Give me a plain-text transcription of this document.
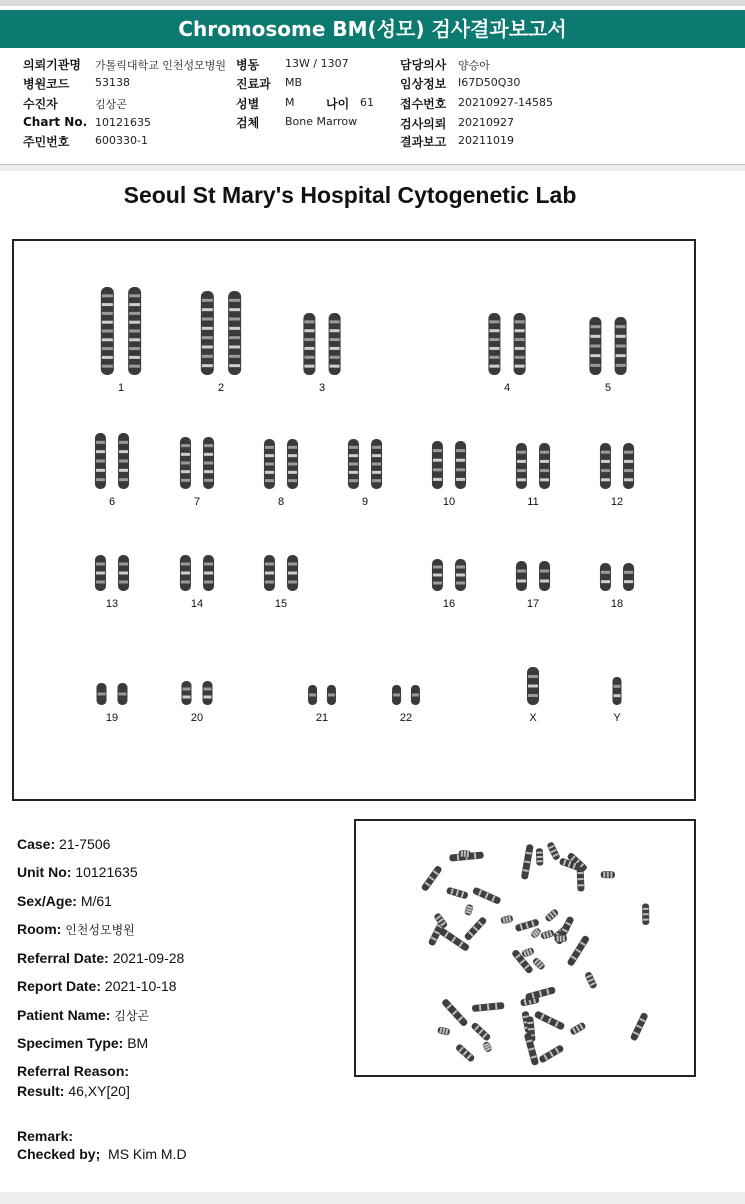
Chromosome BM(성모) 검사결과보고서
의뢰기관명 가톨릭대학교 인천성모병원 병동 13W / 1307	담당의사 양승아
병원코드 53138	진료과 MB	임상정보 I67D50Q30
수진자	김상곤	성별 M	나이 61 접수번호 20210927-14585
Chart No. 10121635	검체 Bone Marrow	검사의뢰 20210927
주민번호 600330-1	결과보고 20211019
Seoul St Mary's Hospital Cytogenetic Lab
1	2	3	4	5
6	7	8	9	10	11	12
13	14	15	16	17	18
19	20	21	22	X	Y
Case: 21-7506
Unit No: 10121635
Sex/Age: M/61
Room: 인천성모병원
Referral Date: 2021-09-28
Report Date: 2021-10-18
Patient Name: 김상곤
Specimen Type: BM
Referral Reason:
Result: 46,XY[20]
Remark:
Checked by; MS Kim M.D
